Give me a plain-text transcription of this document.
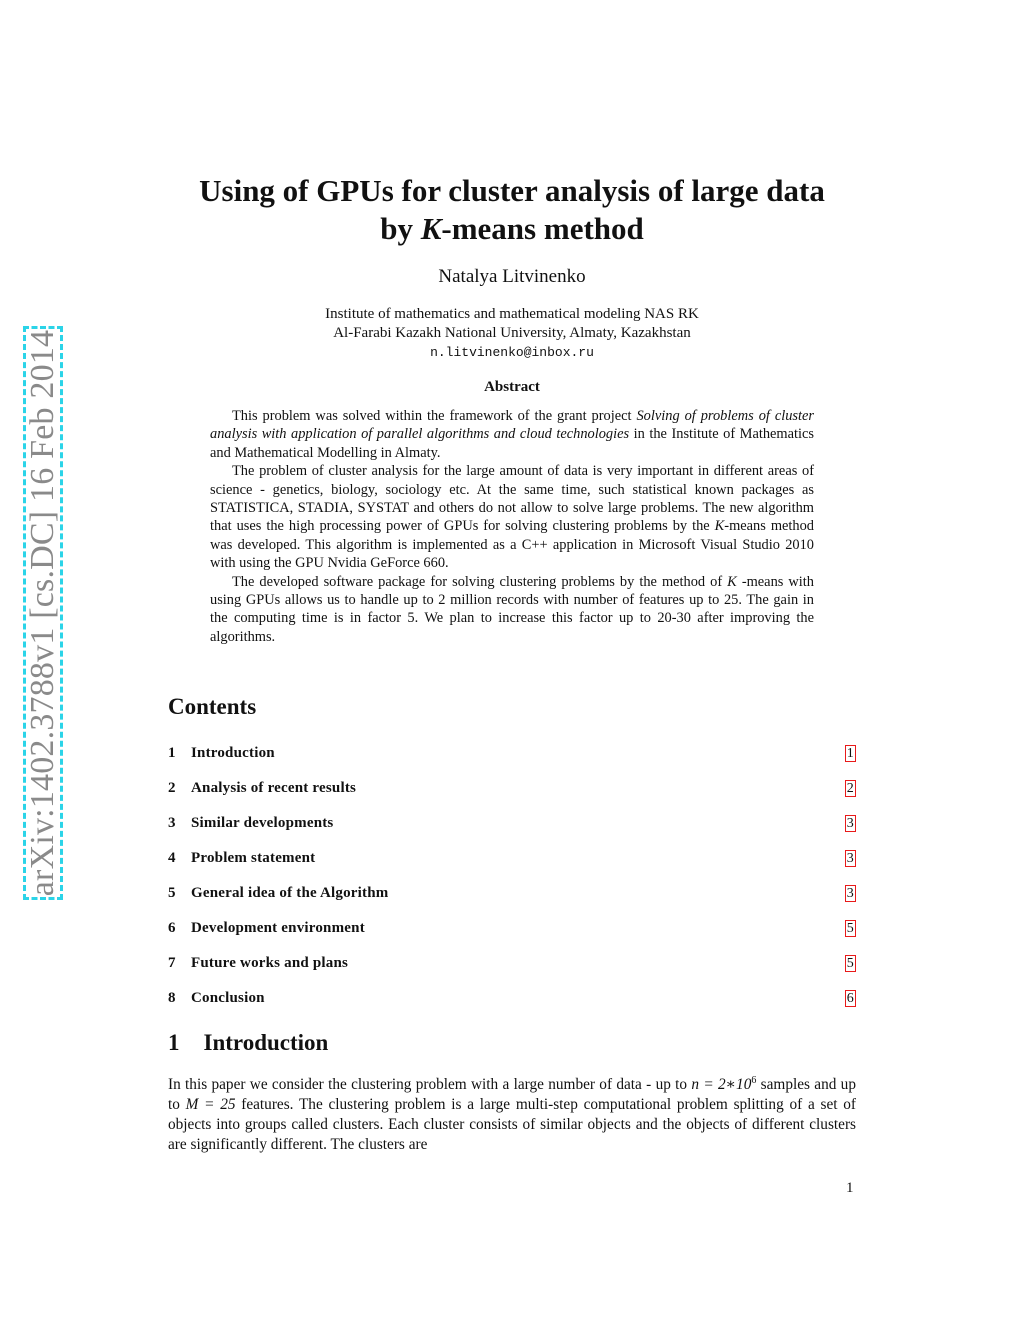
arXiv:1402.3788v1 [cs.DC] 16 Feb 2014
Using of GPUs for cluster analysis of large data
by K-means method
Natalya Litvinenko
Institute of mathematics and mathematical modeling NAS RK
Al-Farabi Kazakh National University, Almaty, Kazakhstan
n.litvinenko@inbox.ru
Abstract

This problem was solved within the framework of the grant project Solving of problems of cluster analysis with application of parallel algorithms and cloud technologies in the Institute of Mathematics and Mathematical Modelling in Almaty.

The problem of cluster analysis for the large amount of data is very important in different areas of science - genetics, biology, sociology etc. At the same time, such statistical known packages as STATISTICA, STADIA, SYSTAT and others do not allow to solve large problems. The new algorithm that uses the high processing power of GPUs for solving clustering problems by the K-means method was developed. This algorithm is implemented as a C++ application in Microsoft Visual Studio 2010 with using the GPU Nvidia GeForce 660.

The developed software package for solving clustering problems by the method of K -means with using GPUs allows us to handle up to 2 million records with number of features up to 25. The gain in the computing time is in factor 5. We plan to increase this factor up to 20-30 after improving the algorithms.

Contents
1 Introduction	1
2 Analysis of recent results	2
3 Similar developments	3
4 Problem statement	3
5 General idea of the Algorithm	3
6 Development environment	5
7 Future works and plans	5
8 Conclusion	6
1 Introduction

In this paper we consider the clustering problem with a large number of data - up to $n = 2∗10^6$ samples and up to M = 25 features. The clustering problem is a large multi-step computational problem splitting of a set of objects into groups called clusters. Each cluster consists of similar objects and the objects of different clusters are significantly different. The clusters are

1
